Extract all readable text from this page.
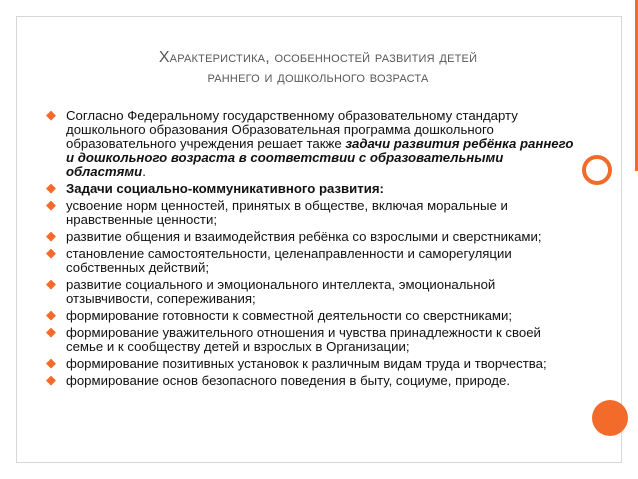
Характеристика, особенностей развития детей
раннего и дошкольного возраста
◆ Согласно Федеральному государственному образовательному стандарту дошкольного образования Образовательная программа дошкольного образовательного учреждения решает также задачи развития ребёнка раннего и дошкольного возраста в соответствии с образовательными областями.
◆ Задачи социально-коммуникативного развития:
◆ усвоение норм ценностей, принятых в обществе, включая моральные и нравственные ценности;
◆ развитие общения и взаимодействия ребёнка со взрослыми и сверстниками;
◆ становление самостоятельности, целенаправленности и саморегуляции собственных действий;
◆ развитие социального и эмоционального интеллекта, эмоциональной отзывчивости, сопереживания;
◆ формирование готовности к совместной деятельности со сверстниками;
◆ формирование уважительного отношения и чувства принадлежности к своей семье и к сообществу детей и взрослых в Организации;
◆ формирование позитивных установок к различным видам труда и творчества;
◆ формирование основ безопасного поведения в быту, социуме, природе.
